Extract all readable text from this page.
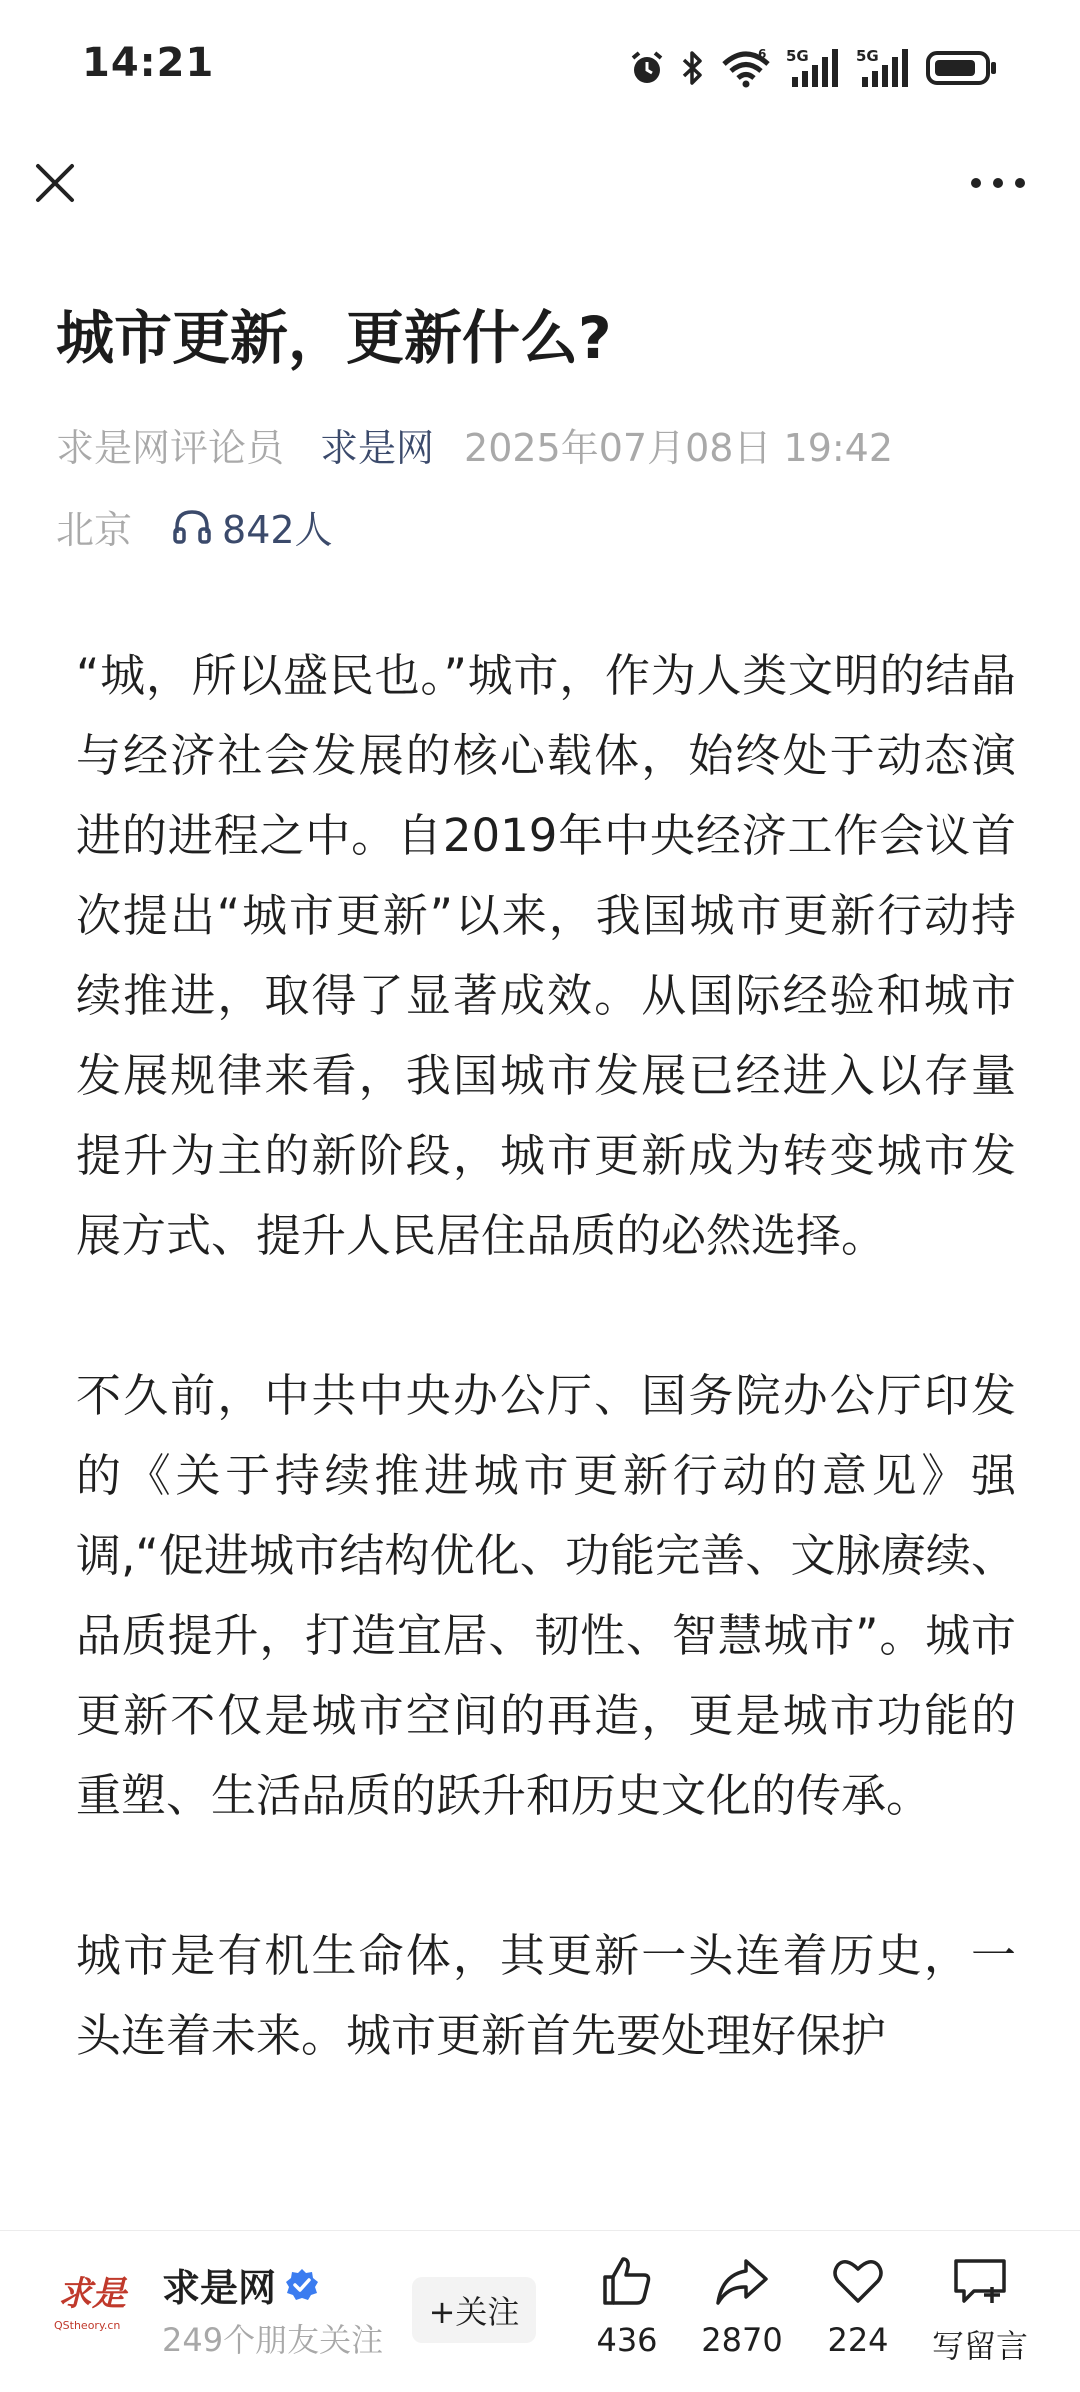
14:21	6 5G	5G
城市更新，更新什么?
求是网评论员 求是网 2025年07月08日 19:42
北京 842人

“城，所以盛民也。”城市，作为人类文明的结晶与经济社会发展的核心载体，始终处于动态演进的进程之中。自2019年中央经济工作会议首次提出“城市更新”以来，我国城市更新行动持续推进，取得了显著成效。从国际经验和城市发展规律来看，我国城市发展已经进入以存量提升为主的新阶段，城市更新成为转变城市发展方式、提升人民居住品质的必然选择。

不久前，中共中央办公厅、国务院办公厅印发的《关于持续推进城市更新行动的意见》强调,“促进城市结构优化、功能完善、文脉赓续、品质提升，打造宜居、韧性、智慧城市”。城市更新不仅是城市空间的再造，更是城市功能的重塑、生活品质的跃升和历史文化的传承。

城市是有机生命体，其更新一头连着历史，一头连着未来。城市更新首先要处理好保护

求是
QStheory.cn
求是网
249个朋友关注
+关注
436	2870	224	写留言
